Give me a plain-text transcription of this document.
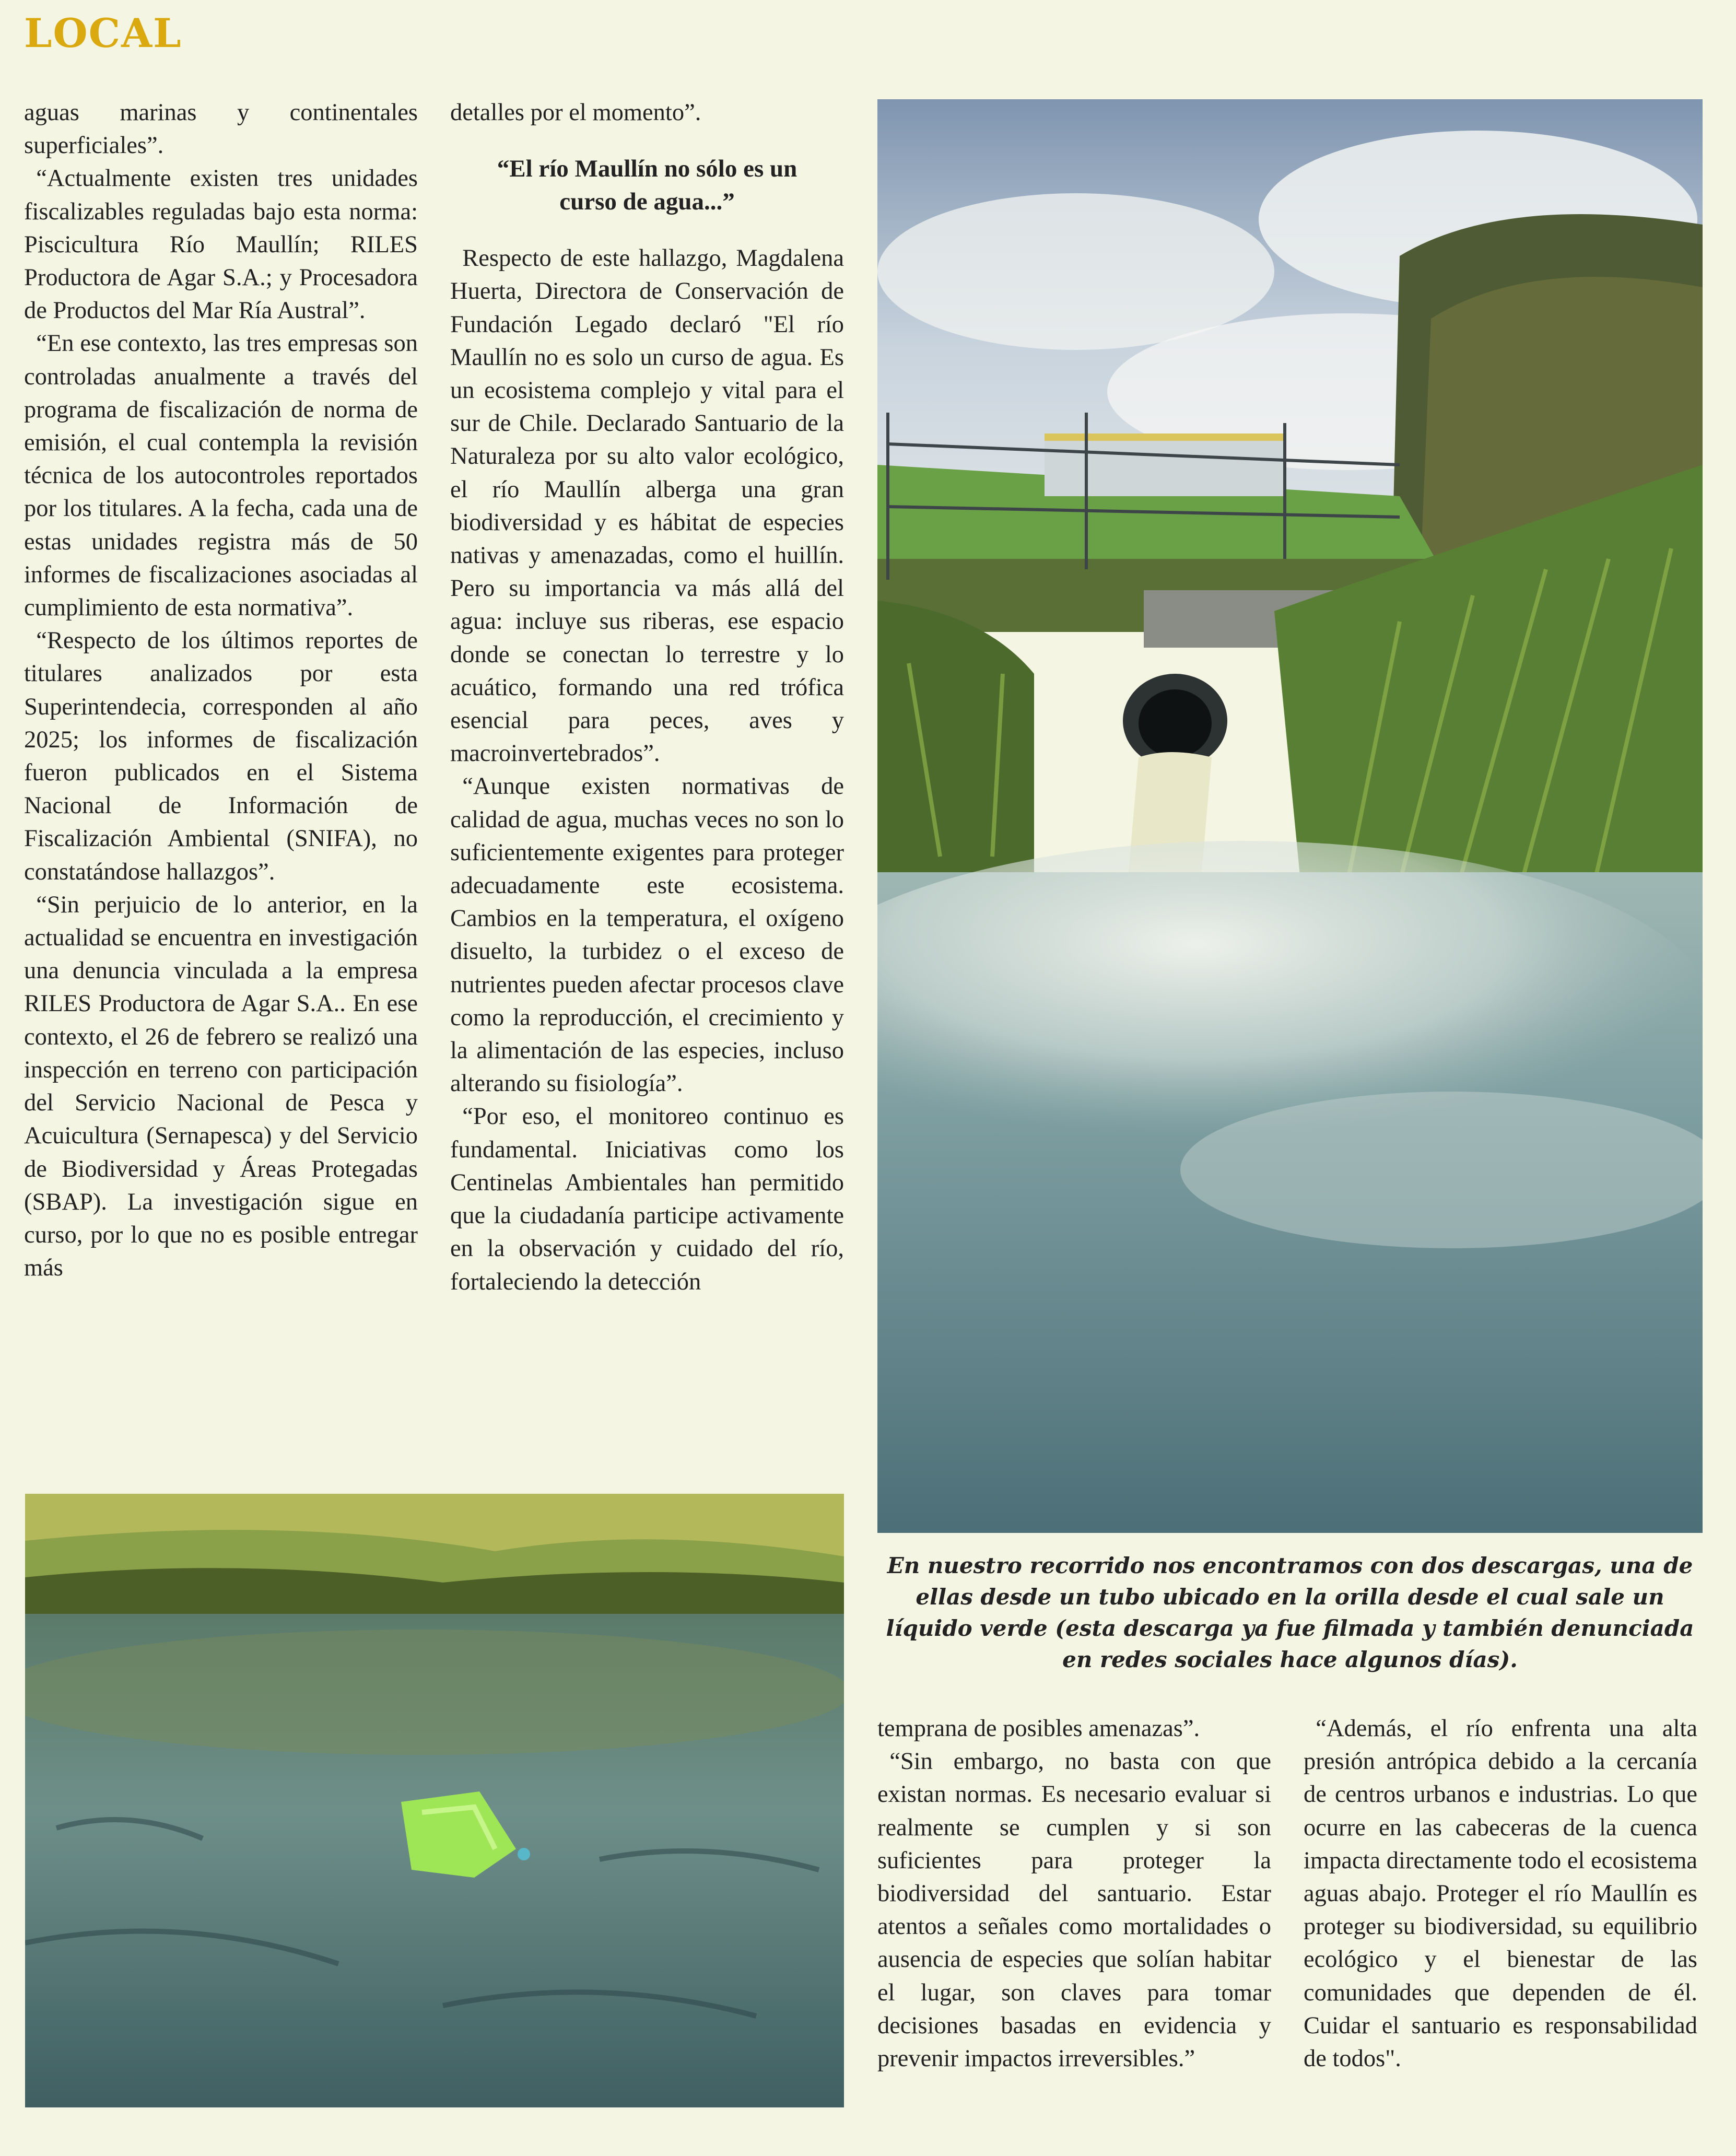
LOCAL

aguas marinas y continentales superficiales”.

“Actualmente existen tres unidades fiscalizables reguladas bajo esta norma: Piscicultura Río Maullín; RILES Productora de Agar S.A.; y Procesadora de Productos del Mar Ría Austral”.

“En ese contexto, las tres empresas son controladas anualmente a través del programa de fiscalización de norma de emisión, el cual contempla la revisión técnica de los autocontroles reportados por los titulares. A la fecha, cada una de estas unidades registra más de 50 informes de fiscalizaciones asociadas al cumplimiento de esta normativa”.

“Respecto de los últimos reportes de titulares analizados por esta Superintendecia, corresponden al año 2025; los informes de fiscalización fueron publicados en el Sistema Nacional de Información de Fiscalización Ambiental (SNIFA), no constatándose hallazgos”.

“Sin perjuicio de lo anterior, en la actualidad se encuentra en investigación una denuncia vinculada a la empresa RILES Productora de Agar S.A.. En ese contexto, el 26 de febrero se realizó una inspección en terreno con participación del Servicio Nacional de Pesca y Acuicultura (Sernapesca) y del Servicio de Biodiversidad y Áreas Protegadas (SBAP). La investigación sigue en curso, por lo que no es posible entregar más

detalles por el momento”.

“El río Maullín no sólo es un curso de agua...”

Respecto de este hallazgo, Magdalena Huerta, Directora de Conservación de Fundación Legado declaró "El río Maullín no es solo un curso de agua. Es un ecosistema complejo y vital para el sur de Chile. Declarado Santuario de la Naturaleza por su alto valor ecológico, el río Maullín alberga una gran biodiversidad y es hábitat de especies nativas y amenazadas, como el huillín. Pero su importancia va más allá del agua: incluye sus riberas, ese espacio donde se conectan lo terrestre y lo acuático, formando una red trófica esencial para peces, aves y macroinvertebrados”.

“Aunque existen normativas de calidad de agua, muchas veces no son lo suficientemente exigentes para proteger adecuadamente este ecosistema. Cambios en la temperatura, el oxígeno disuelto, la turbidez o el exceso de nutrientes pueden afectar procesos clave como la reproducción, el crecimiento y la alimentación de las especies, incluso alterando su fisiología”.

“Por eso, el monitoreo continuo es fundamental. Iniciativas como los Centinelas Ambientales han permitido que la ciudadanía participe activamente en la observación y cuidado del río, fortaleciendo la detección

En nuestro recorrido nos encontramos con dos descargas, una de ellas desde un tubo ubicado en la orilla desde el cual sale un líquido verde (esta descarga ya fue filmada y también denunciada en redes sociales hace algunos días).

temprana de posibles amenazas”.

“Sin embargo, no basta con que existan normas. Es necesario evaluar si realmente se cumplen y si son suficientes para proteger la biodiversidad del santuario. Estar atentos a señales como mortalidades o ausencia de especies que solían habitar el lugar, son claves para tomar decisiones basadas en evidencia y prevenir impactos irreversibles.”

“Además, el río enfrenta una alta presión antrópica debido a la cercanía de centros urbanos e industrias. Lo que ocurre en las cabeceras de la cuenca impacta directamente todo el ecosistema aguas abajo. Proteger el río Maullín es proteger su biodiversidad, su equilibrio ecológico y el bienestar de las comunidades que dependen de él. Cuidar el santuario es responsabilidad de todos".
